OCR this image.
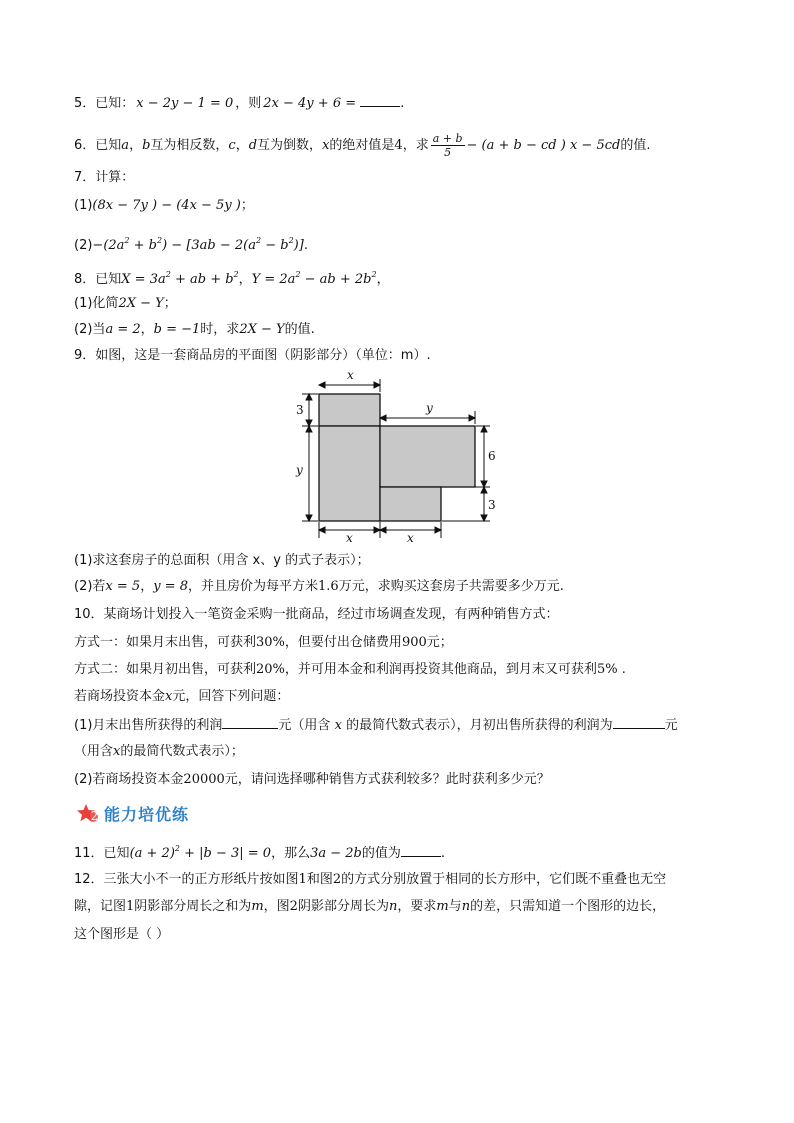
5．已知： x − 2y − 1 = 0 ，则 2x − 4y + 6 =	.
6．已知a，b互为相反数，c，d互为倒数，x的绝对值是4，求 $\frac{a + b}{5} - (a + b$ − cd ) x − 5cd的值.
7．计算：
(1)(8x − 7y ) − (4x − 5y )；
$(2)-(2a^2 + b^2) - [3ab - 2(a^2 - b^2)]$.
8．已知$X = 3a^2$ + ab + $b^2$，$Y = 2a^2$ − ab + $2b^2$，
(1)化简2X − Y；
(2)当a = 2，b = −1时，求2X − Y的值.
9．如图，这是一套商品房的平面图（阴影部分）（单位：m）.
x
y
3
y
6
3
x	x
(1)求这套房子的总面积（用含 x、y 的式子表示）；
(2)若x = 5，y = 8，并且房价为每平方米1.6万元，求购买这套房子共需要多少万元.
10．某商场计划投入一笔资金采购一批商品，经过市场调查发现，有两种销售方式：
方式一：如果月末出售，可获利30%，但要付出仓储费用900元；
方式二：如果月初出售，可获利20%，并可用本金和利润再投资其他商品，到月末又可获利5% .
若商场投资本金x元，回答下列问题：
(1)月末出售所获得的利润	元（用含 x 的最简代数式表示），月初出售所获得的利润为	元
（用含x的最简代数式表示）；
(2)若商场投资本金20000元，请问选择哪种销售方式获利较多？此时获利多少元？
2 能力培优练
11．已知$(a + 2)^2 + |b - 3| = 0$，那么3a − 2b的值为	.
12．三张大小不一的正方形纸片按如图1和图2的方式分别放置于相同的长方形中，它们既不重叠也无空
隙，记图1阴影部分周长之和为m，图2阴影部分周长为n，要求m与n的差，只需知道一个图形的边长，
这个图形是（ ）
